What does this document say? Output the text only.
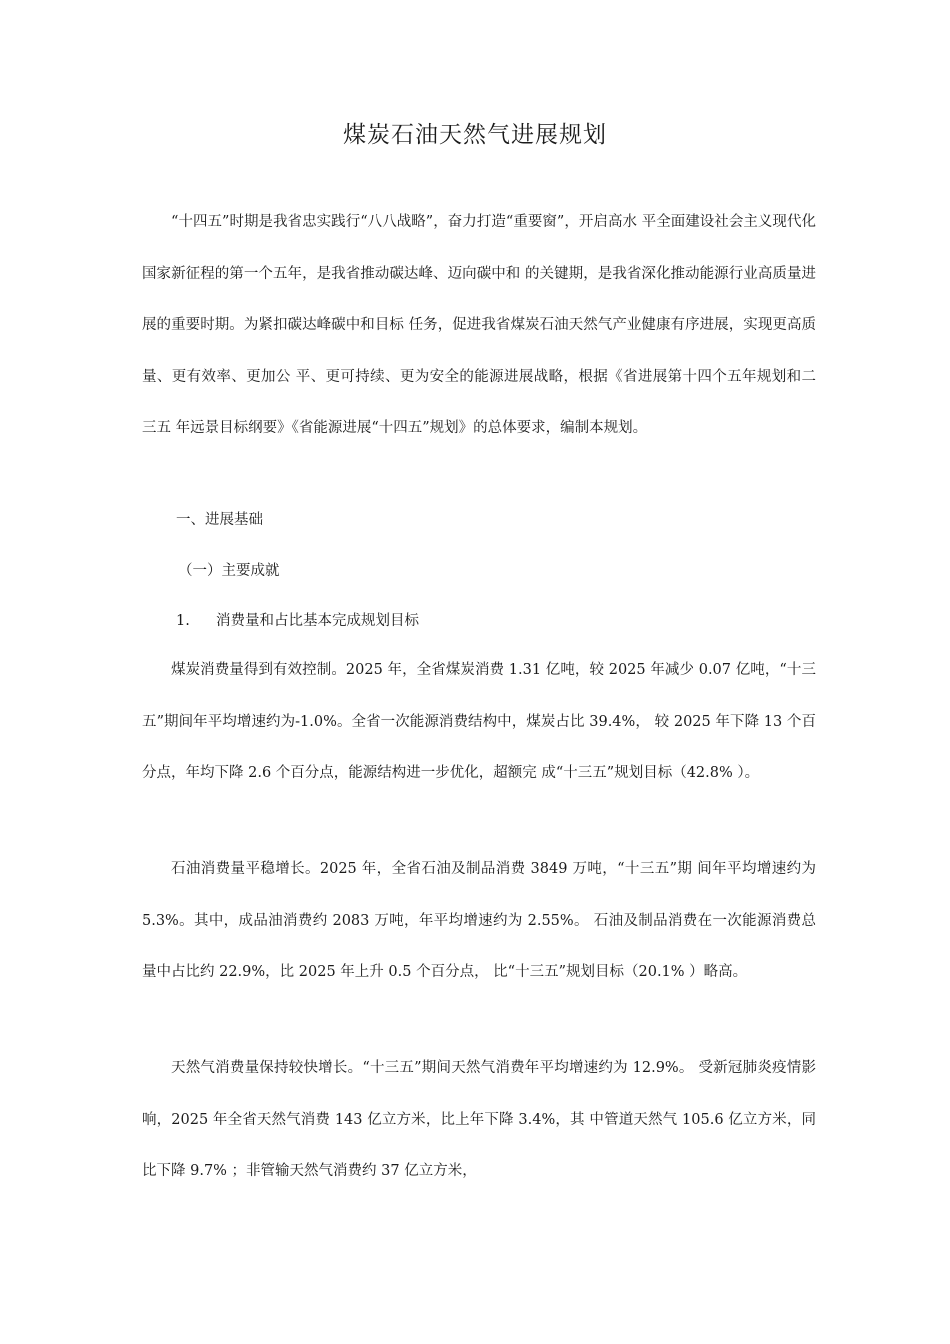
煤炭石油天然气进展规划

“十四五”时期是我省忠实践行“八八战略”，奋力打造“重要窗”，开启高水 平全面建设社会主义现代化国家新征程的第一个五年，是我省推动碳达峰、迈向碳中和 的关键期，是我省深化推动能源行业高质量进展的重要时期。为紧扣碳达峰碳中和目标 任务，促进我省煤炭石油天然气产业健康有序进展，实现更高质量、更有效率、更加公 平、更可持续、更为安全的能源进展战略，根据《省进展第十四个五年规划和二 三五 年远景目标纲要》《省能源进展“十四五”规划》的总体要求，编制本规划。

一、进展基础
（一）主要成就
1. 消费量和占比基本完成规划目标

煤炭消费量得到有效控制。2025 年，全省煤炭消费 1.31 亿吨，较 2025 年减少 0.07 亿吨，“十三五”期间年平均增速约为-1.0%。全省一次能源消费结构中，煤炭占比 39.4%， 较 2025 年下降 13 个百分点，年均下降 2.6 个百分点，能源结构进一步优化，超额完 成“十三五”规划目标（42.8% ）。

石油消费量平稳增长。2025 年，全省石油及制品消费 3849 万吨，“十三五”期 间年平均增速约为 5.3%。其中，成品油消费约 2083 万吨，年平均增速约为 2.55%。 石油及制品消费在一次能源消费总量中占比约 22.9%，比 2025 年上升 0.5 个百分点， 比“十三五”规划目标（20.1% ）略高。

天然气消费量保持较快增长。“十三五”期间天然气消费年平均增速约为 12.9%。 受新冠肺炎疫情影响，2025 年全省天然气消费 143 亿立方米，比上年下降 3.4%，其 中管道天然气 105.6 亿立方米，同比下降 9.7% ；非管输天然气消费约 37 亿立方米，
